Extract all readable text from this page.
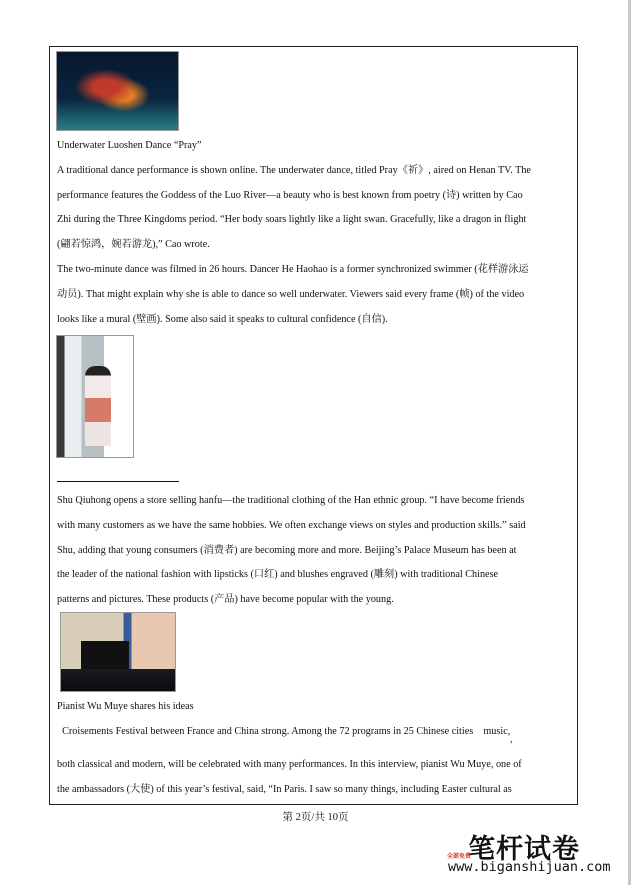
Underwater Luoshen Dance “Pray”
A traditional dance performance is shown online. The underwater dance, titled Pray《祈》, aired on Henan TV. The
performance features the Goddess of the Luo River—a beauty who is best known from poetry (诗) written by Cao
Zhi during the Three Kingdoms period. “Her body soars lightly like a light swan. Gracefully, like a dragon in flight
(翩若惊鸿，婉若游龙),” Cao wrote.
The two-minute dance was filmed in 26 hours. Dancer He Haohao is a former synchronized swimmer (花样游泳运
动员). That might explain why she is able to dance so well underwater. Viewers said every frame (帧) of the video
looks like a mural (壁画). Some also said it speaks to cultural confidence (自信).
Shu Qiuhong opens a store selling hanfu—the traditional clothing of the Han ethnic group. “I have become friends
with many customers as we have the same hobbies. We often exchange views on styles and production skills.” said
Shu, adding that young consumers (消费者) are becoming more and more. Beijing’s Palace Museum has been at
the leader of the national fashion with lipsticks (口红) and blushes engraved (雕刻) with traditional Chinese
patterns and pictures. These products (产品) have become popular with the young.
Pianist Wu Muye shares his ideas
Croisements Festival between France and China strong. Among the 72 programs in 25 Chinese cities    music,
,
both classical and modern, will be celebrated with many performances. In this interview, pianist Wu Muye, one of
the ambassadors (大使) of this year’s festival, said, “In Paris. I saw so many things, including Easter cultural as
第 2页/共 10页
笔杆试卷
全部免费
www.biganshijuan.com
